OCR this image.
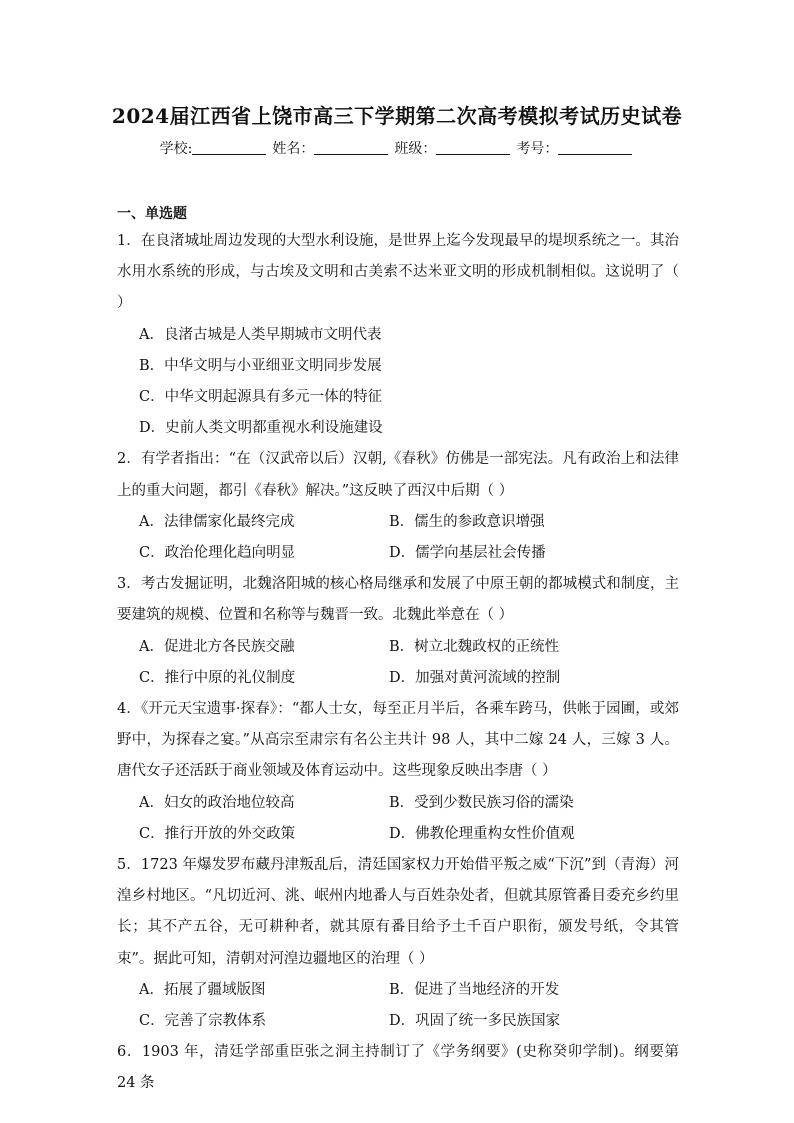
2024届江西省上饶市高三下学期第二次高考模拟考试历史试卷
学校:	姓名：	班级：	考号：
一、单选题
1．在良渚城址周边发现的大型水利设施，是世界上迄今发现最早的堤坝系统之一。其治水用水系统的形成，与古埃及文明和古美索不达米亚文明的形成机制相似。这说明了（ ）
A．良渚古城是人类早期城市文明代表
B．中华文明与小亚细亚文明同步发展
C．中华文明起源具有多元一体的特征
D．史前人类文明都重视水利设施建设
2．有学者指出：“在（汉武帝以后）汉朝,《春秋》仿佛是一部宪法。凡有政治上和法律上的重大问题，都引《春秋》解决。”这反映了西汉中后期（ ）
A．法律儒家化最终完成	B．儒生的参政意识增强
C．政治伦理化趋向明显	D．儒学向基层社会传播
3．考古发掘证明，北魏洛阳城的核心格局继承和发展了中原王朝的都城模式和制度，主要建筑的规模、位置和名称等与魏晋一致。北魏此举意在（ ）
A．促进北方各民族交融	B．树立北魏政权的正统性
C．推行中原的礼仪制度	D．加强对黄河流域的控制
4．《开元天宝遗事·探春》：“都人士女，每至正月半后，各乘车跨马，供帐于园圃，或郊野中，为探春之宴。”从高宗至肃宗有名公主共计 98 人，其中二嫁 24 人，三嫁 3 人。唐代女子还活跃于商业领域及体育运动中。这些现象反映出李唐（ ）
A．妇女的政治地位较高	B．受到少数民族习俗的濡染
C．推行开放的外交政策	D．佛教伦理重构女性价值观
5．1723 年爆发罗布藏丹津叛乱后，清廷国家权力开始借平叛之威“下沉”到（青海）河湟乡村地区。“凡切近河、洮、岷州内地番人与百姓杂处者，但就其原管番目委充乡约里长；其不产五谷，无可耕种者，就其原有番目给予土千百户职衔，颁发号纸，令其管束”。据此可知，清朝对河湟边疆地区的治理（ ）
A．拓展了疆域版图	B．促进了当地经济的开发
C．完善了宗教体系	D．巩固了统一多民族国家
6．1903 年，清廷学部重臣张之洞主持制订了《学务纲要》(史称癸卯学制)。纲要第 24 条
